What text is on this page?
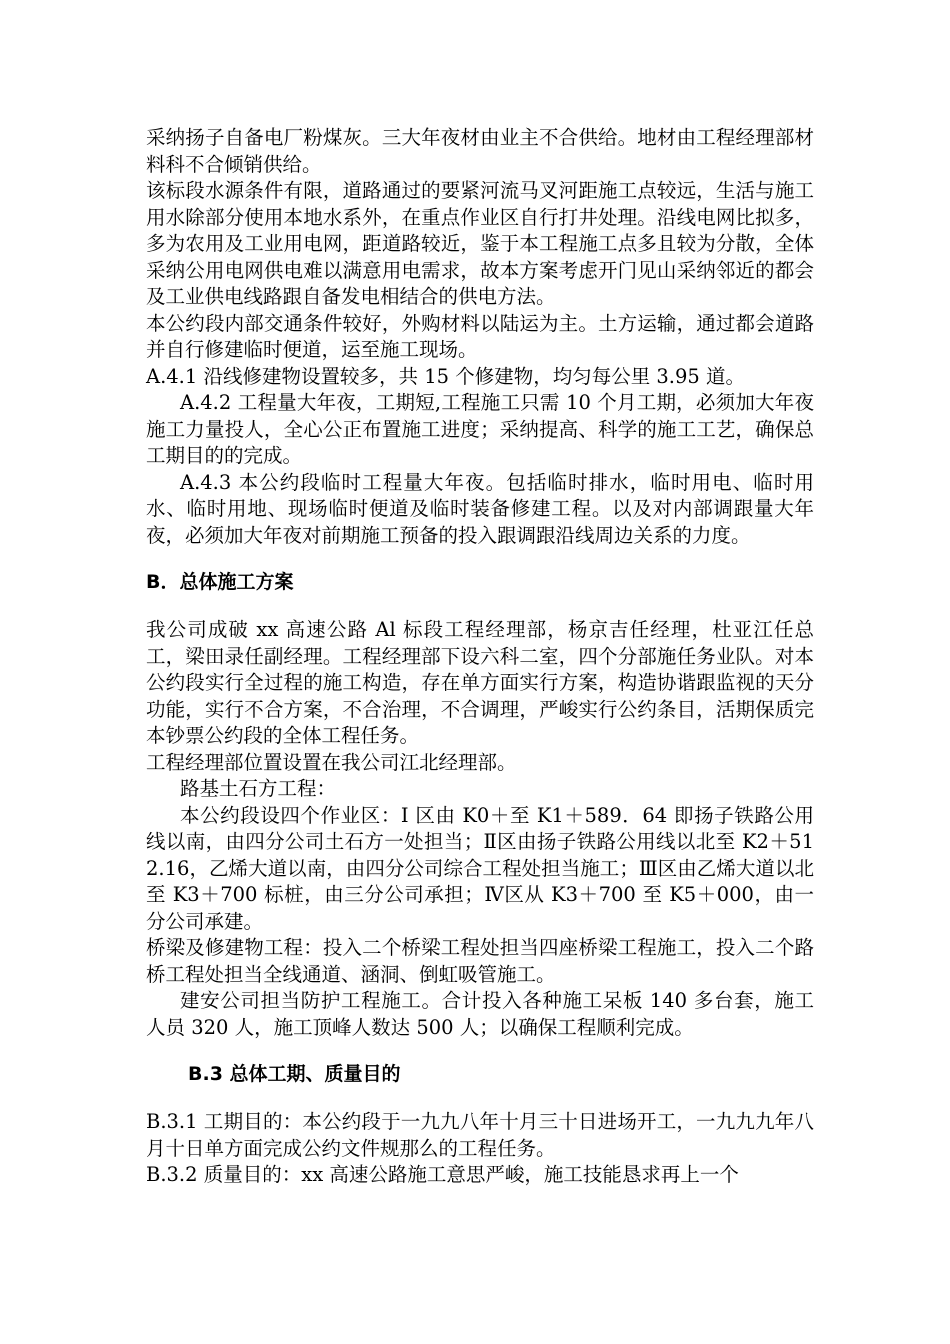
采纳扬子自备电厂粉煤灰。三大年夜材由业主不合供给。地材由工程经理部材料科不合倾销供给。

该标段水源条件有限，道路通过的要紧河流马叉河距施工点较远，生活与施工用水除部分使用本地水系外，在重点作业区自行打井处理。沿线电网比拟多，多为农用及工业用电网，距道路较近，鉴于本工程施工点多且较为分散，全体采纳公用电网供电难以满意用电需求，故本方案考虑开门见山采纳邻近的都会及工业供电线路跟自备发电相结合的供电方法。

本公约段内部交通条件较好，外购材料以陆运为主。土方运输，通过都会道路并自行修建临时便道，运至施工现场。

A.4.1 沿线修建物设置较多，共 15 个修建物，均匀每公里 3.95 道。

A.4.2 工程量大年夜，工期短,工程施工只需 10 个月工期，必须加大年夜施工力量投人，全心公正布置施工进度；采纳提高、科学的施工工艺，确保总工期目的的完成。

A.4.3 本公约段临时工程量大年夜。包括临时排水，临时用电、临时用水、临时用地、现场临时便道及临时装备修建工程。以及对内部调跟量大年夜，必须加大年夜对前期施工预备的投入跟调跟沿线周边关系的力度。

B．总体施工方案

我公司成破 xx 高速公路 Al 标段工程经理部，杨京吉任经理，杜亚江任总工，梁田录任副经理。工程经理部下设六科二室，四个分部施任务业队。对本公约段实行全过程的施工构造，存在单方面实行方案，构造协谐跟监视的天分功能，实行不合方案，不合治理，不合调理，严峻实行公约条目，活期保质完本钞票公约段的全体工程任务。

工程经理部位置设置在我公司江北经理部。

路基土石方工程：

本公约段设四个作业区：I 区由 K0＋至 K1＋589．64 即扬子铁路公用线以南，由四分公司土石方一处担当；Ⅱ区由扬子铁路公用线以北至 K2＋512.16，乙烯大道以南，由四分公司综合工程处担当施工；Ⅲ区由乙烯大道以北至 K3＋700 标桩，由三分公司承担；Ⅳ区从 K3＋700 至 K5＋000，由一分公司承建。

桥梁及修建物工程：投入二个桥梁工程处担当四座桥梁工程施工，投入二个路桥工程处担当全线通道、涵洞、倒虹吸管施工。

建安公司担当防护工程施工。合计投入各种施工呆板 140 多台套，施工人员 320 人，施工顶峰人数达 500 人；以确保工程顺利完成。

B.3 总体工期、质量目的

B.3.1 工期目的：本公约段于一九九八年十月三十日进场开工，一九九九年八月十日单方面完成公约文件规那么的工程任务。

B.3.2 质量目的：xx 高速公路施工意思严峻，施工技能恳求再上一个
